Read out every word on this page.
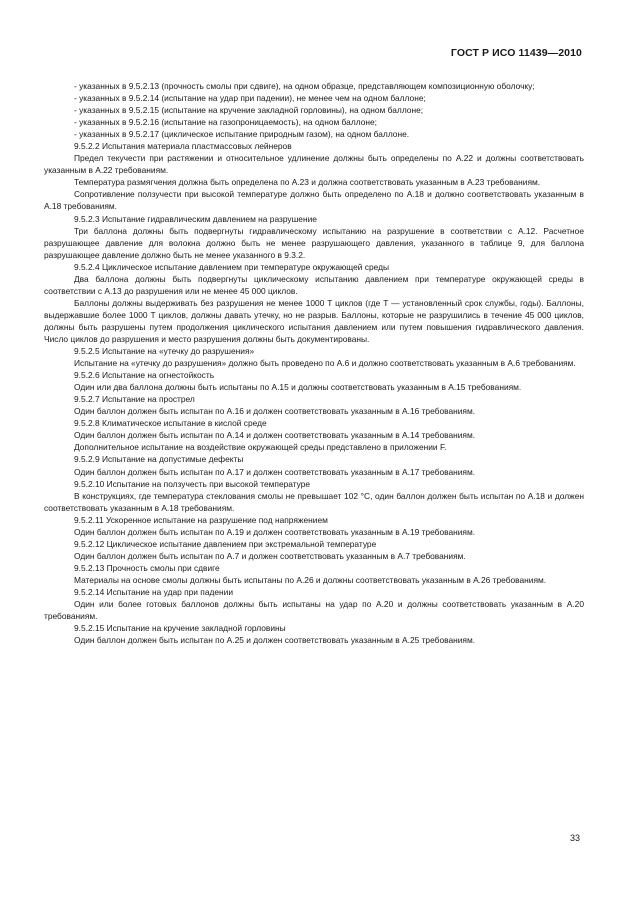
ГОСТ Р ИСО 11439—2010

- указанных в 9.5.2.13 (прочность смолы при сдвиге), на одном образце, представляющем композиционную оболочку;

- указанных в 9.5.2.14 (испытание на удар при падении), не менее чем на одном баллоне;

- указанных в 9.5.2.15 (испытание на кручение закладной горловины), на одном баллоне;

- указанных в 9.5.2.16 (испытание на газопроницаемость), на одном баллоне;

- указанных в 9.5.2.17 (циклическое испытание природным газом), на одном баллоне.

9.5.2.2 Испытания материала пластмассовых лейнеров

Предел текучести при растяжении и относительное удлинение должны быть определены по А.22 и должны соответствовать указанным в А.22 требованиям.

Температура размягчения должна быть определена по А.23 и должна соответствовать указанным в А.23 требованиям.

Сопротивление ползучести при высокой температуре должно быть определено по А.18 и должно соответствовать указанным в А.18 требованиям.

9.5.2.3 Испытание гидравлическим давлением на разрушение

Три баллона должны быть подвергнуты гидравлическому испытанию на разрушение в соответствии с А.12. Расчетное разрушающее давление для волокна должно быть не менее разрушающего давления, указанного в таблице 9, для баллона разрушающее давление должно быть не менее указанного в 9.3.2.

9.5.2.4 Циклическое испытание давлением при температуре окружающей среды

Два баллона должны быть подвергнуты циклическому испытанию давлением при температуре окружающей среды в соответствии с А.13 до разрушения или не менее 45 000 циклов.

Баллоны должны выдерживать без разрушения не менее 1000 T циклов (где T — установленный срок службы, годы). Баллоны, выдержавшие более 1000 T циклов, должны давать утечку, но не разрыв. Баллоны, которые не разрушились в течение 45 000 циклов, должны быть разрушены путем продолжения циклического испытания давлением или путем повышения гидравлического давления. Число циклов до разрушения и место разрушения должны быть документированы.

9.5.2.5 Испытание на «утечку до разрушения»

Испытание на «утечку до разрушения» должно быть проведено по А.6 и должно соответствовать указанным в А.6 требованиям.

9.5.2.6 Испытание на огнестойкость

Один или два баллона должны быть испытаны по А.15 и должны соответствовать указанным в А.15 требованиям.

9.5.2.7 Испытание на прострел

Один баллон должен быть испытан по А.16 и должен соответствовать указанным в А.16 требованиям.

9.5.2.8 Климатическое испытание в кислой среде

Один баллон должен быть испытан по А.14 и должен соответствовать указанным в А.14 требованиям.

Дополнительное испытание на воздействие окружающей среды представлено в приложении F.

9.5.2.9 Испытание на допустимые дефекты

Один баллон должен быть испытан по А.17 и должен соответствовать указанным в А.17 требованиям.

9.5.2.10 Испытание на ползучесть при высокой температуре

В конструкциях, где температура стеклования смолы не превышает 102 °С, один баллон должен быть испытан по А.18 и должен соответствовать указанным в А.18 требованиям.

9.5.2.11 Ускоренное испытание на разрушение под напряжением

Один баллон должен быть испытан по А.19 и должен соответствовать указанным в А.19 требованиям.

9.5.2.12 Циклическое испытание давлением при экстремальной температуре

Один баллон должен быть испытан по А.7 и должен соответствовать указанным в А.7 требованиям.

9.5.2.13 Прочность смолы при сдвиге

Материалы на основе смолы должны быть испытаны по А.26 и должны соответствовать указанным в А.26 требованиям.

9.5.2.14 Испытание на удар при падении

Один или более готовых баллонов должны быть испытаны на удар по А.20 и должны соответствовать указанным в А.20 требованиям.

9.5.2.15 Испытание на кручение закладной горловины

Один баллон должен быть испытан по А.25 и должен соответствовать указанным в А.25 требованиям.

33
